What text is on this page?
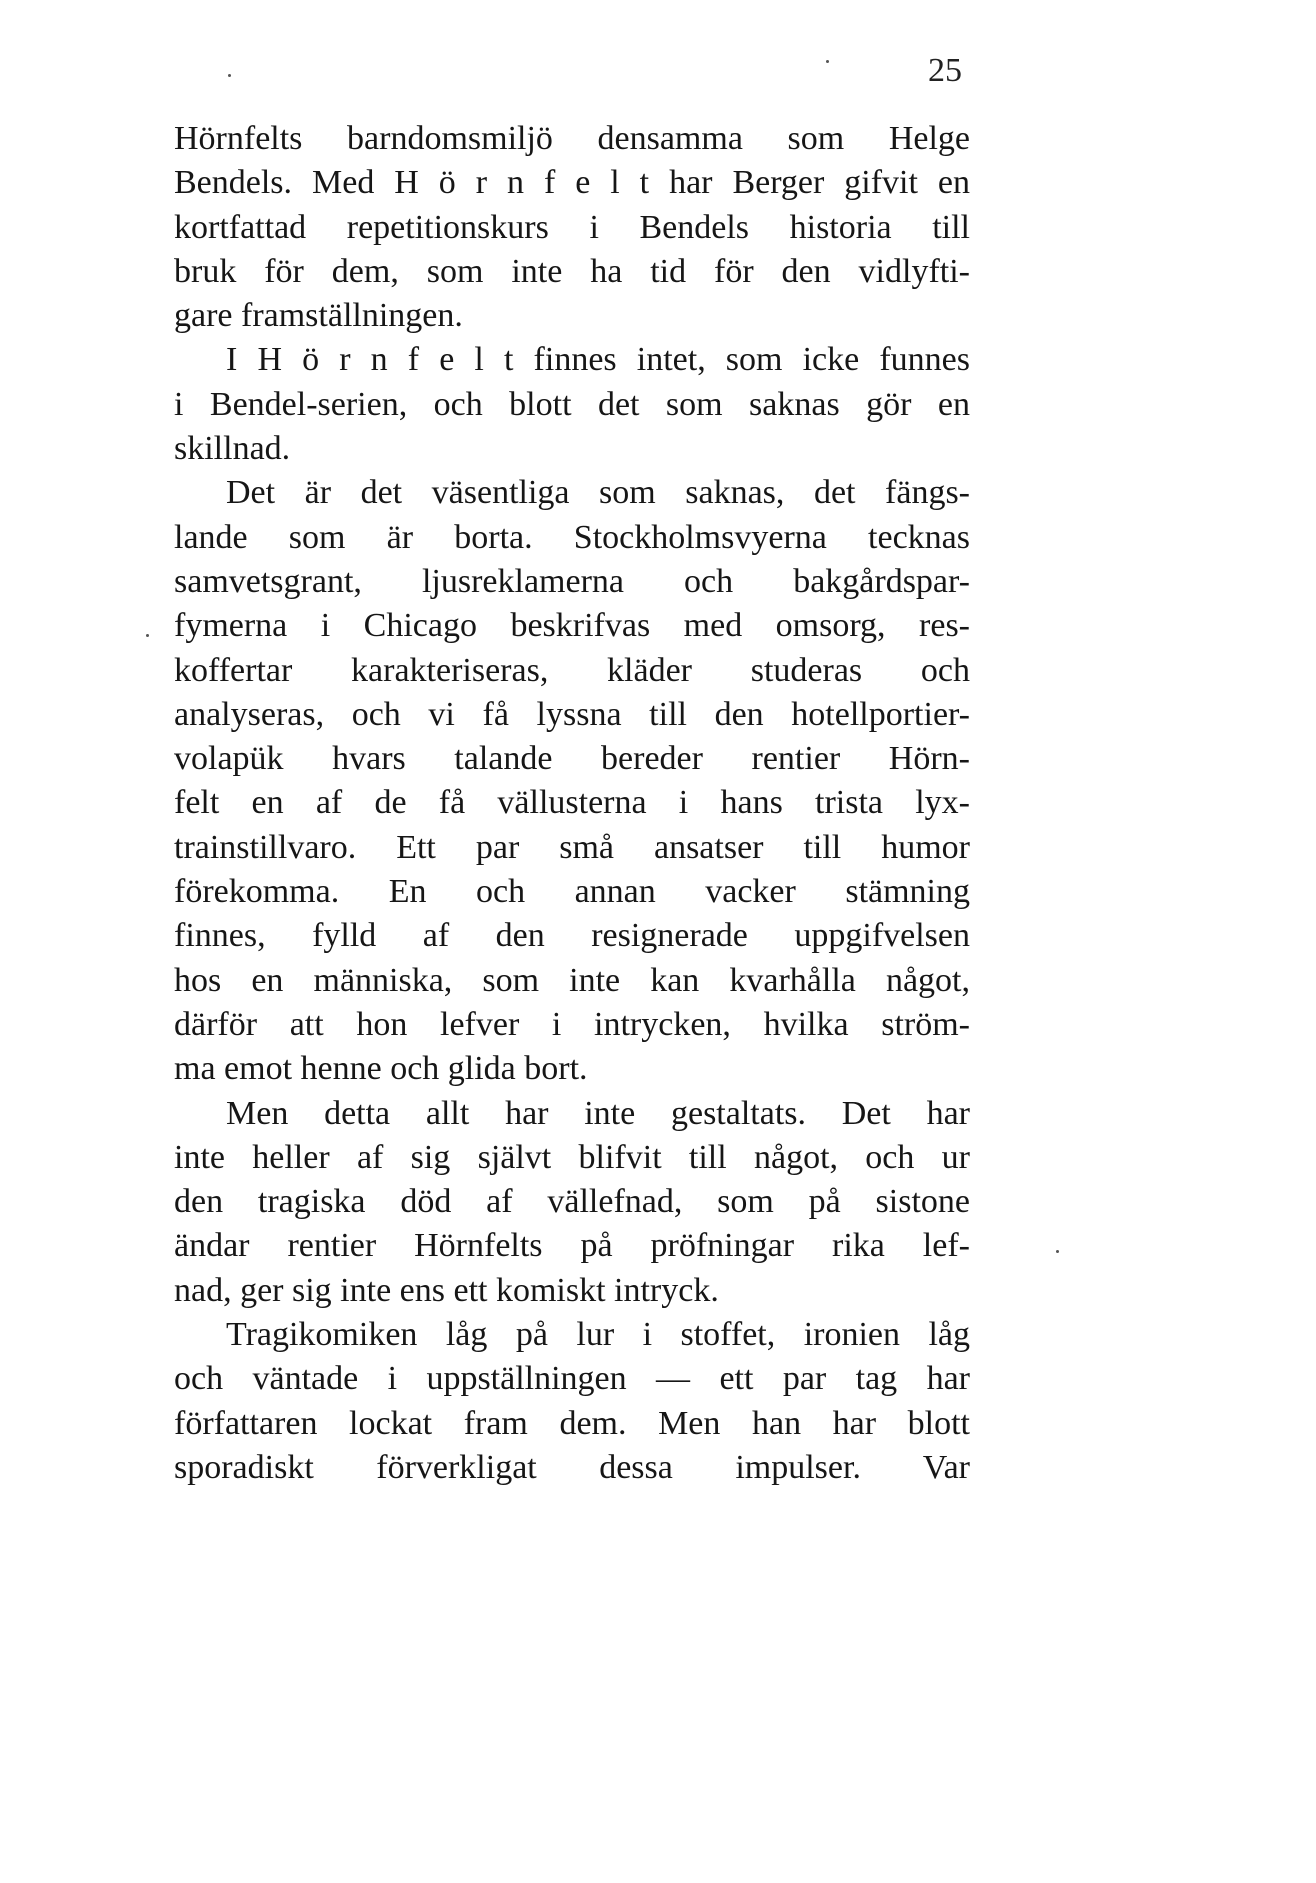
25
Hörnfelts barndomsmiljö densamma som Helge
Bendels. Med H ö r n f e l t har Berger gifvit en
kortfattad repetitionskurs i Bendels historia till
bruk för dem, som inte ha tid för den vidlyfti-
gare framställningen.
I H ö r n f e l t finnes intet, som icke funnes
i Bendel-serien, och blott det som saknas gör en
skillnad.
Det är det väsentliga som saknas, det fängs-
lande som är borta. Stockholmsvyerna tecknas
samvetsgrant, ljusreklamerna och bakgårdspar-
fymerna i Chicago beskrifvas med omsorg, res-
koffertar karakteriseras, kläder studeras och
analyseras, och vi få lyssna till den hotellportier-
volapük hvars talande bereder rentier Hörn-
felt en af de få vällusterna i hans trista lyx-
trainstillvaro. Ett par små ansatser till humor
förekomma. En och annan vacker stämning
finnes, fylld af den resignerade uppgifvelsen
hos en människa, som inte kan kvarhålla något,
därför att hon lefver i intrycken, hvilka ström-
ma emot henne och glida bort.
Men detta allt har inte gestaltats. Det har
inte heller af sig självt blifvit till något, och ur
den tragiska död af vällefnad, som på sistone
ändar rentier Hörnfelts på pröfningar rika lef-
nad, ger sig inte ens ett komiskt intryck.
Tragikomiken låg på lur i stoffet, ironien låg
och väntade i uppställningen — ett par tag har
författaren lockat fram dem. Men han har blott
sporadiskt förverkligat dessa impulser. Var
